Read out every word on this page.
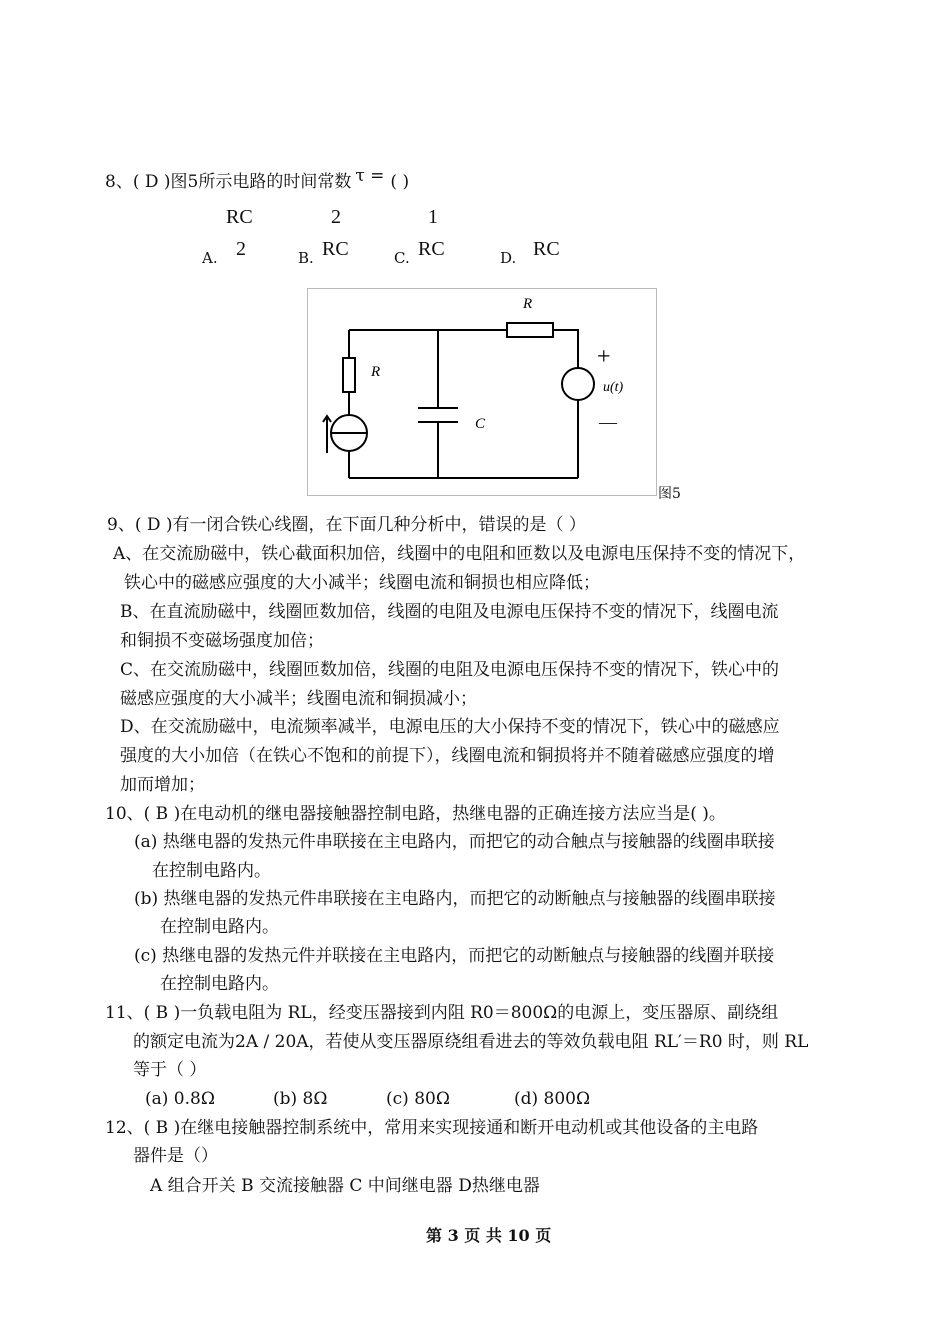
8、( D )图5所示电路的时间常数 τ = ( )
RC
A. 2
2
B. RC
1
C. RC	D. RC
R
R
C
+
—
u(t)
图5
9、( D )有一闭合铁心线圈，在下面几种分析中，错误的是（ ）
A、在交流励磁中，铁心截面积加倍，线圈中的电阻和匝数以及电源电压保持不变的情况下，
铁心中的磁感应强度的大小减半；线圈电流和铜损也相应降低；
B、在直流励磁中，线圈匝数加倍，线圈的电阻及电源电压保持不变的情况下，线圈电流
和铜损不变磁场强度加倍；
C、在交流励磁中，线圈匝数加倍，线圈的电阻及电源电压保持不变的情况下，铁心中的
磁感应强度的大小减半；线圈电流和铜损减小；
D、在交流励磁中，电流频率减半，电源电压的大小保持不变的情况下，铁心中的磁感应
强度的大小加倍（在铁心不饱和的前提下），线圈电流和铜损将并不随着磁感应强度的增
加而增加；
10、( B )在电动机的继电器接触器控制电路，热继电器的正确连接方法应当是( )。
(a) 热继电器的发热元件串联接在主电路内，而把它的动合触点与接触器的线圈串联接
在控制电路内。
(b) 热继电器的发热元件串联接在主电路内，而把它的动断触点与接触器的线圈串联接
在控制电路内。
(c) 热继电器的发热元件并联接在主电路内，而把它的动断触点与接触器的线圈并联接
在控制电路内。
11、( B )一负载电阻为 RL，经变压器接到内阻 R0＝800Ω的电源上，变压器原、副绕组
的额定电流为2A / 20A，若使从变压器原绕组看进去的等效负载电阻 RL′＝R0 时，则 RL
等于（ ）
(a) 0.8Ω	(b) 8Ω	(c) 80Ω	(d) 800Ω
12、( B )在继电接触器控制系统中，常用来实现接通和断开电动机或其他设备的主电路
器件是（）
A 组合开关 B 交流接触器 C 中间继电器 D热继电器
第 3 页 共 10 页
